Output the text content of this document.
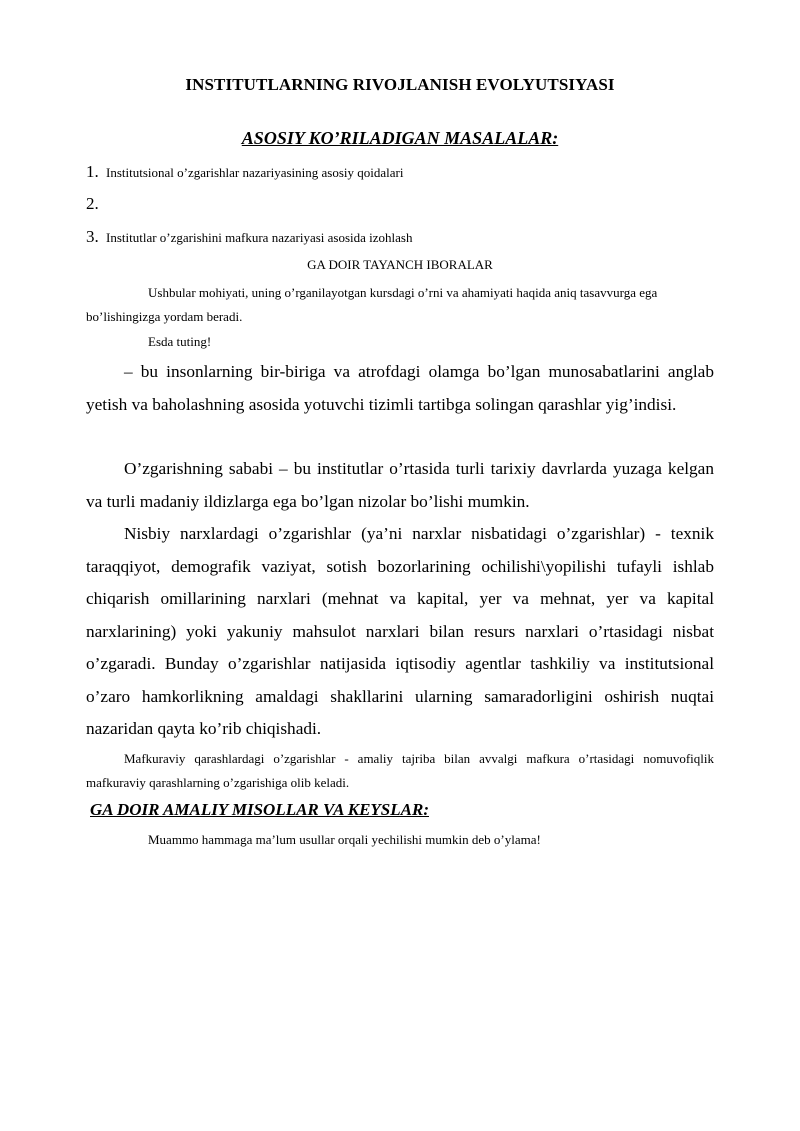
INSTITUTLARNING RIVOJLANISH EVOLYUTSIYASI
ASOSIY KO’RILADIGAN MASALALAR:
1. Institutsional o’zgarishlar nazariyasining asosiy qoidalari
2.
3. Institutlar o’zgarishini mafkura nazariyasi asosida izohlash
GA DOIR TAYANCH IBORALAR
Ushbular mohiyati, uning o’rganilayotgan kursdagi o’rni va ahamiyati haqida aniq tasavvurga ega bo’lishingizga yordam beradi.
Esda tuting!
– bu insonlarning bir-biriga va atrofdagi olamga bo’lgan munosabatlarini anglab yetish va baholashning asosida yotuvchi tizimli tartibga solingan qarashlar yig’indisi.
O’zgarishning sababi – bu institutlar o’rtasida turli tarixiy davrlarda yuzaga kelgan va turli madaniy ildizlarga ega bo’lgan nizolar bo’lishi mumkin.
Nisbiy narxlardagi o’zgarishlar (ya’ni narxlar nisbatidagi o’zgarishlar) - texnik taraqqiyot, demografik vaziyat, sotish bozorlarining ochilishi\yopilishi tufayli ishlab chiqarish omillarining narxlari (mehnat va kapital, yer va mehnat, yer va kapital narxlarining) yoki yakuniy mahsulot narxlari bilan resurs narxlari o’rtasidagi nisbat o’zgaradi. Bunday o’zgarishlar natijasida iqtisodiy agentlar tashkiliy va institutsional o’zaro hamkorlikning amaldagi shakllarini ularning samaradorligini oshirish nuqtai nazaridan qayta ko’rib chiqishadi.
Mafkuraviy qarashlardagi o’zgarishlar - amaliy tajriba bilan avvalgi mafkura o’rtasidagi nomuvofiqlik mafkuraviy qarashlarning o’zgarishiga olib keladi.
GA DOIR AMALIY MISOLLAR VA KEYSLAR:
Muammo hammaga ma’lum usullar orqali yechilishi mumkin deb o’ylama!
